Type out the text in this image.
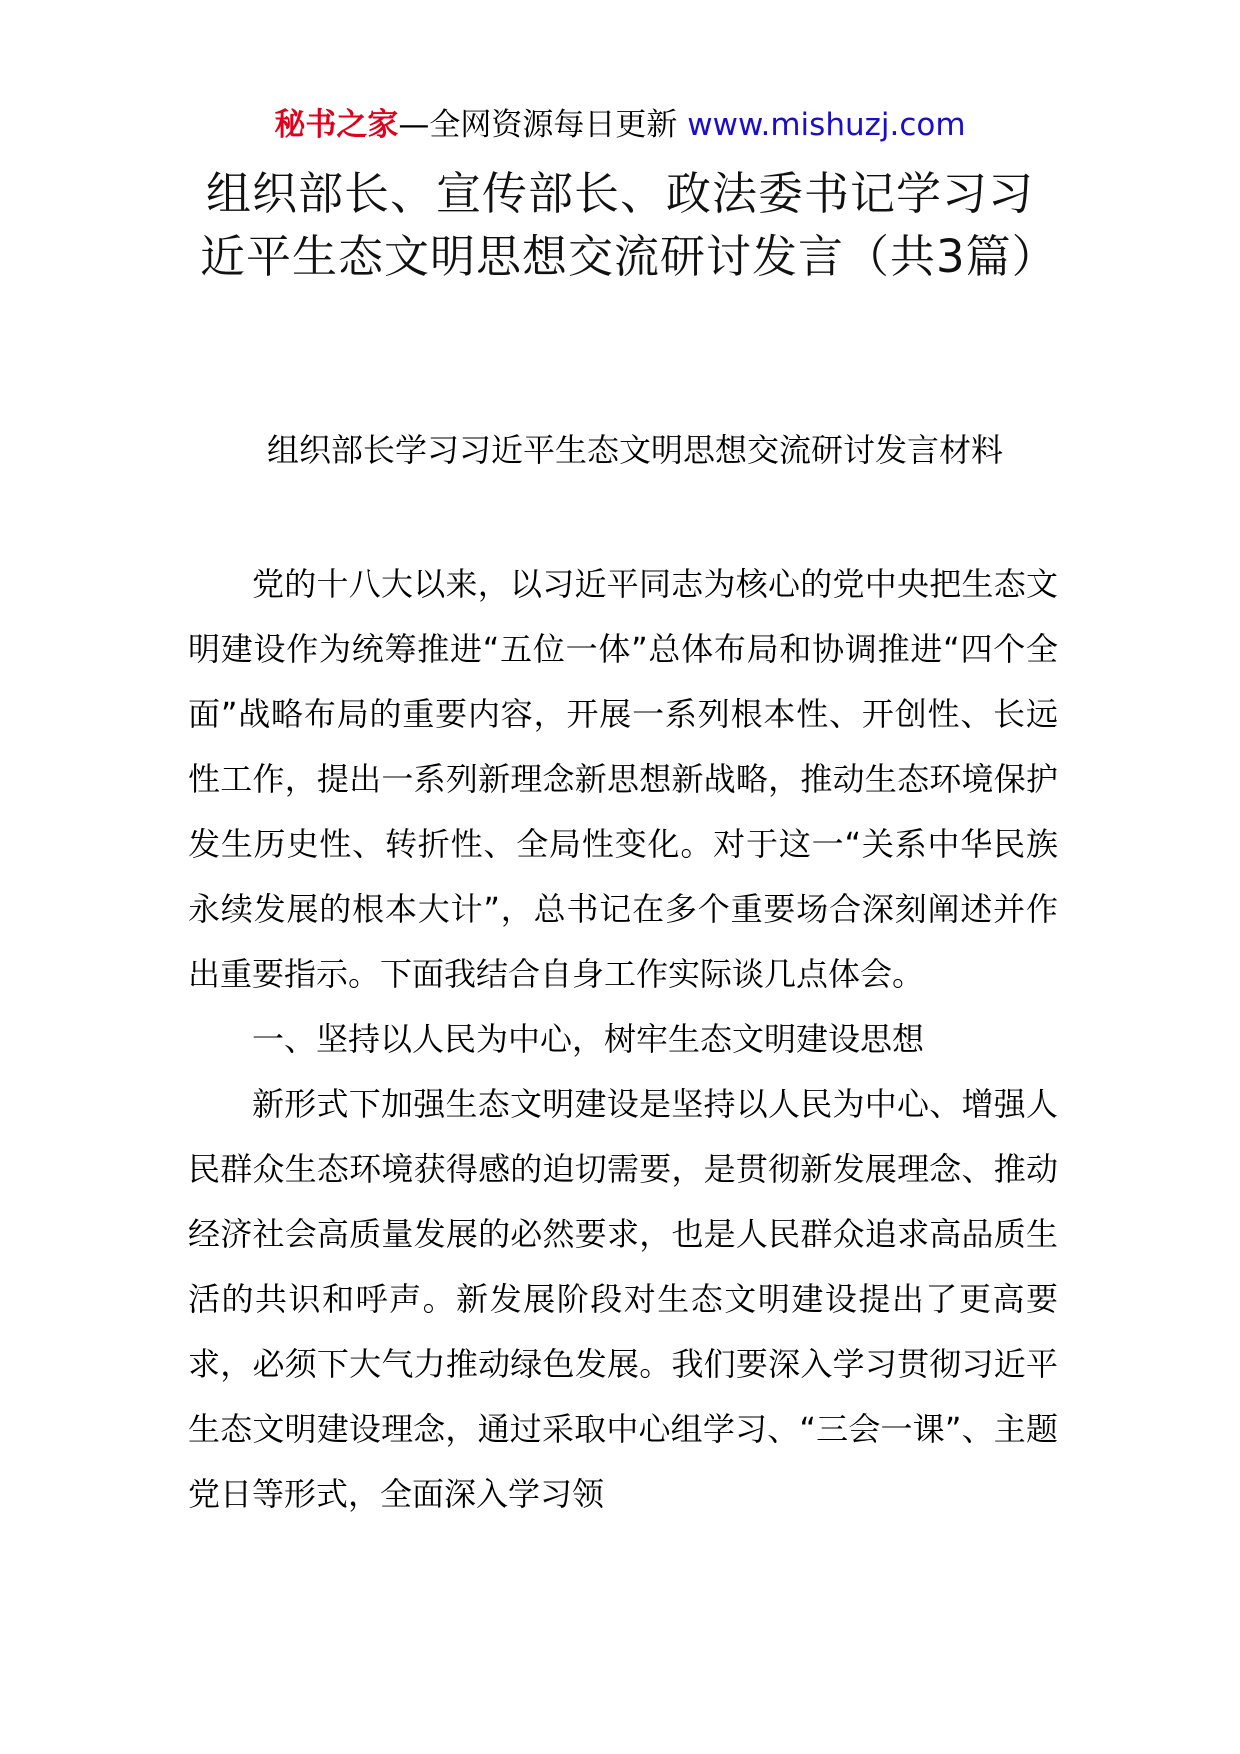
秘书之家—全网资源每日更新 www.mishuzj.com
组织部长、宣传部长、政法委书记学习习近平生态文明思想交流研讨发言（共3篇）
组织部长学习习近平生态文明思想交流研讨发言材料

党的十八大以来，以习近平同志为核心的党中央把生态文明建设作为统筹推进“五位一体”总体布局和协调推进“四个全面”战略布局的重要内容，开展一系列根本性、开创性、长远性工作，提出一系列新理念新思想新战略，推动生态环境保护发生历史性、转折性、全局性变化。对于这一“关系中华民族永续发展的根本大计”，总书记在多个重要场合深刻阐述并作出重要指示。下面我结合自身工作实际谈几点体会。

一、坚持以人民为中心，树牢生态文明建设思想

新形式下加强生态文明建设是坚持以人民为中心、增强人民群众生态环境获得感的迫切需要，是贯彻新发展理念、推动经济社会高质量发展的必然要求，也是人民群众追求高品质生活的共识和呼声。新发展阶段对生态文明建设提出了更高要求，必须下大气力推动绿色发展。我们要深入学习贯彻习近平生态文明建设理念，通过采取中心组学习、“三会一课”、主题党日等形式，全面深入学习领
